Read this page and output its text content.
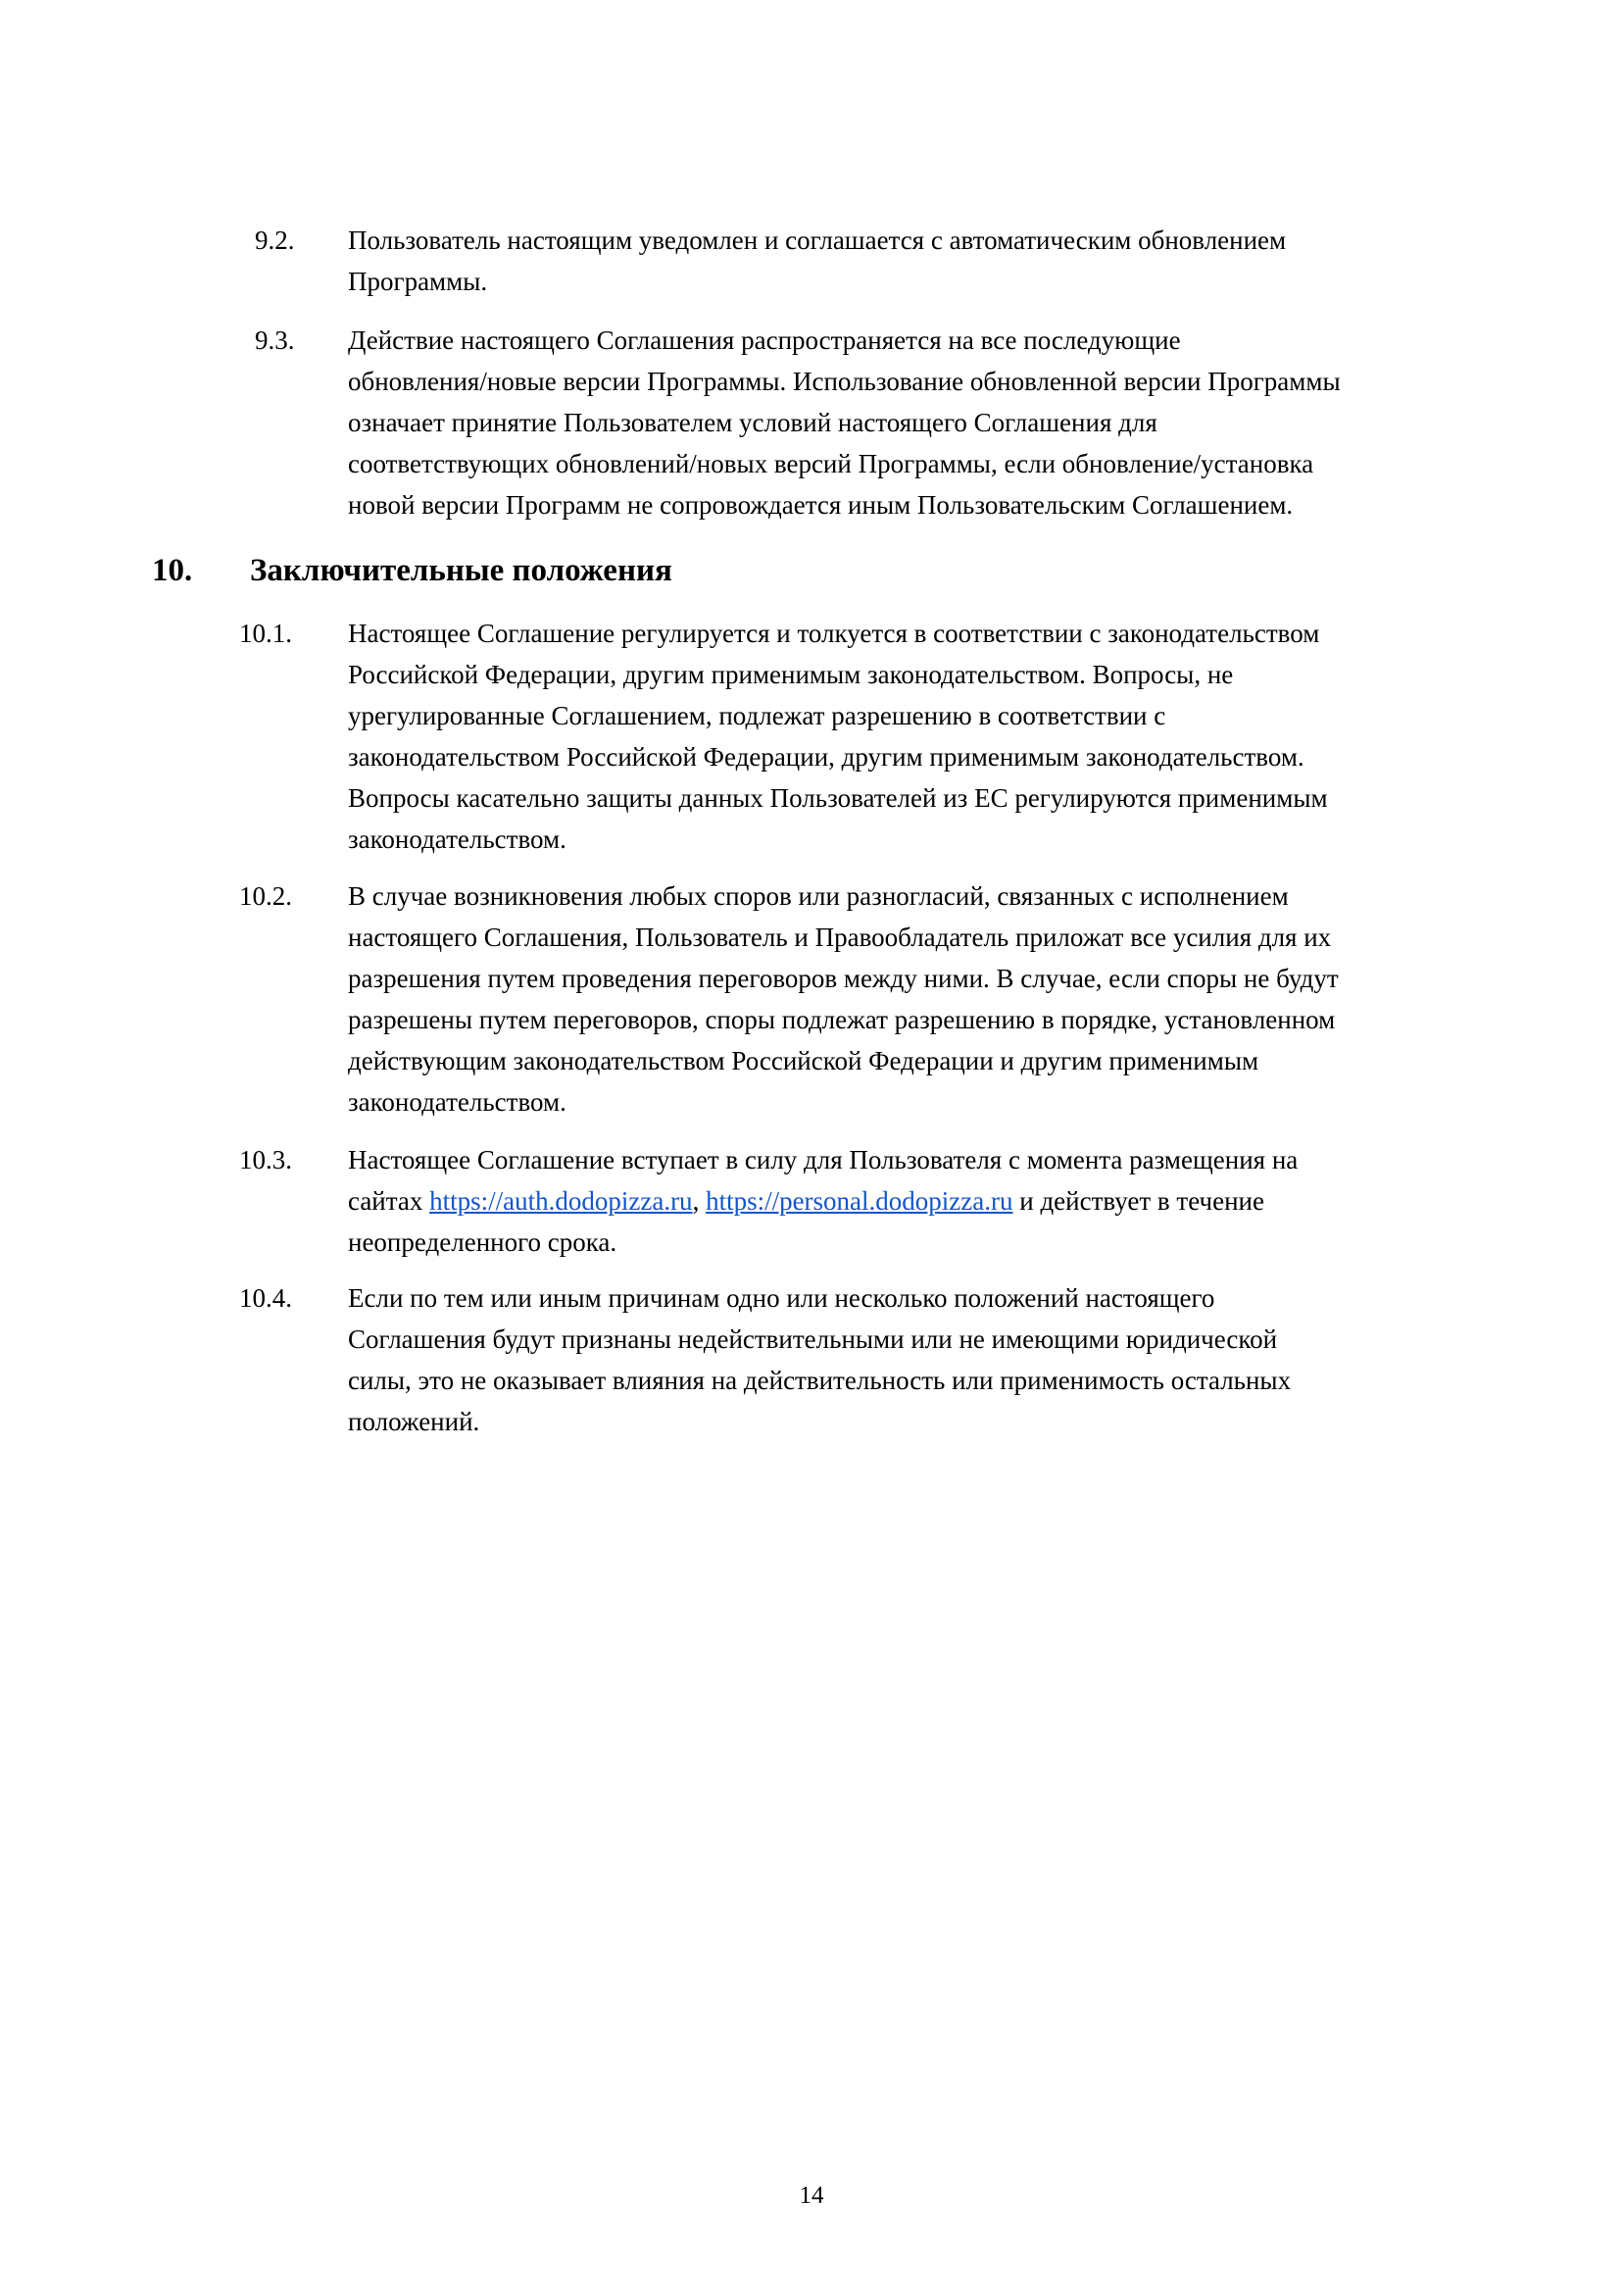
9.2. Пользователь настоящим уведомлен и соглашается с автоматическим обновлением
Программы.
9.3. Действие настоящего Соглашения распространяется на все последующие
обновления/новые версии Программы. Использование обновленной версии Программы
означает принятие Пользователем условий настоящего Соглашения для
соответствующих обновлений/новых версий Программы, если обновление/установка
новой версии Программ не сопровождается иным Пользовательским Соглашением.
10. Заключительные положения
10.1. Настоящее Соглашение регулируется и толкуется в соответствии с законодательством
Российской Федерации, другим применимым законодательством. Вопросы, не
урегулированные Соглашением, подлежат разрешению в соответствии с
законодательством Российской Федерации, другим применимым законодательством.
Вопросы касательно защиты данных Пользователей из ЕС регулируются применимым
законодательством.
10.2. В случае возникновения любых споров или разногласий, связанных с исполнением
настоящего Соглашения, Пользователь и Правообладатель приложат все усилия для их
разрешения путем проведения переговоров между ними. В случае, если споры не будут
разрешены путем переговоров, споры подлежат разрешению в порядке, установленном
действующим законодательством Российской Федерации и другим применимым
законодательством.
10.3. Настоящее Соглашение вступает в силу для Пользователя с момента размещения на
сайтах https://auth.dodopizza.ru, https://personal.dodopizza.ru и действует в течение
неопределенного срока.
10.4. Если по тем или иным причинам одно или несколько положений настоящего
Соглашения будут признаны недействительными или не имеющими юридической
силы, это не оказывает влияния на действительность или применимость остальных
положений.
14
